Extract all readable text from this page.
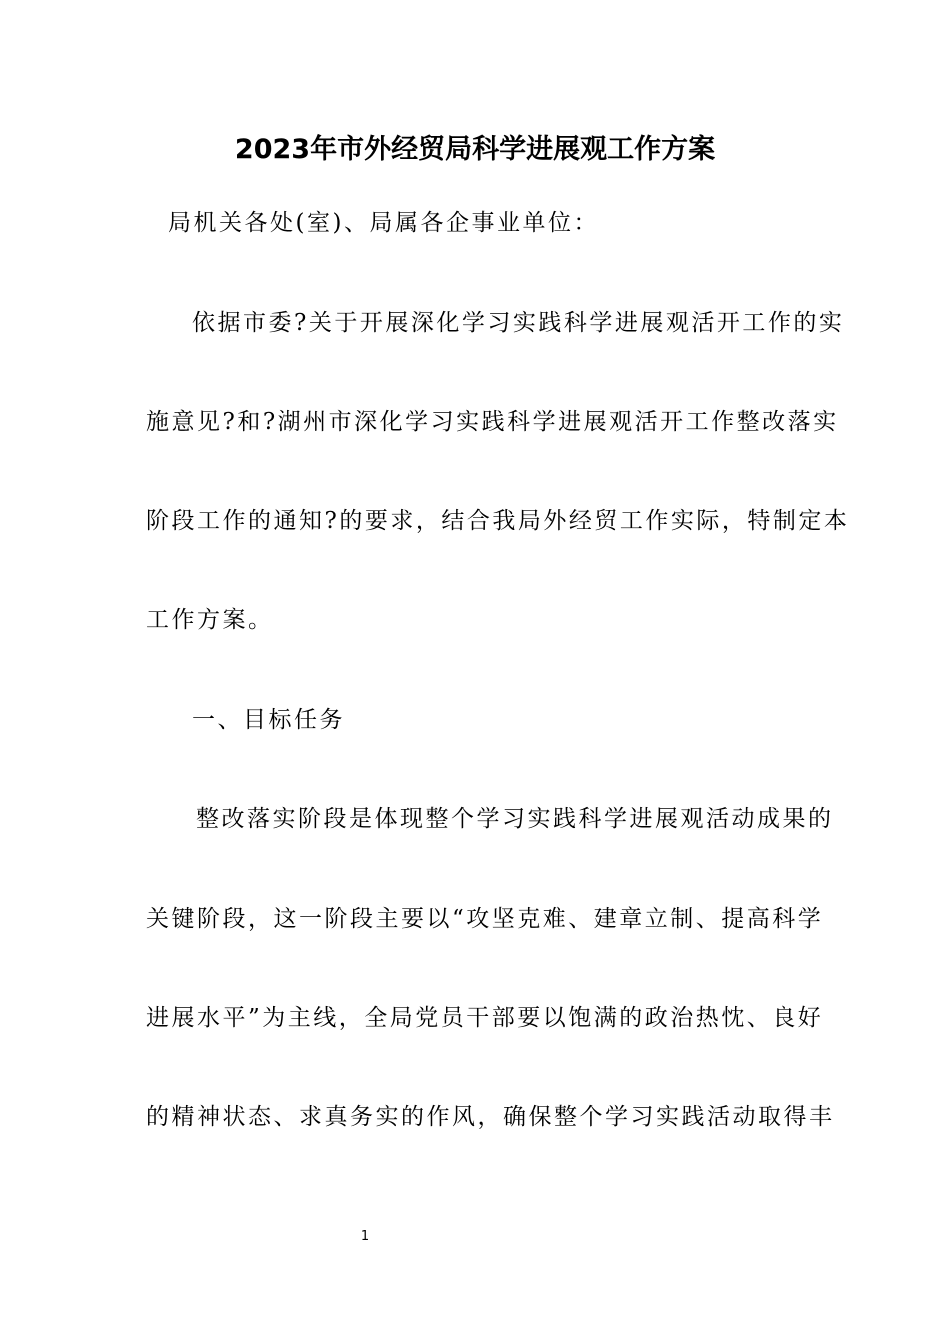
2023年市外经贸局科学进展观工作方案
局机关各处(室)、局属各企事业单位：
依据市委?关于开展深化学习实践科学进展观活开工作的实
施意见?和?湖州市深化学习实践科学进展观活开工作整改落实
阶段工作的通知?的要求，结合我局外经贸工作实际，特制定本
工作方案。
一、目标任务
整改落实阶段是体现整个学习实践科学进展观活动成果的
关键阶段，这一阶段主要以“攻坚克难、建章立制、提高科学
进展水平”为主线，全局党员干部要以饱满的政治热忱、良好
的精神状态、求真务实的作风，确保整个学习实践活动取得丰
1
